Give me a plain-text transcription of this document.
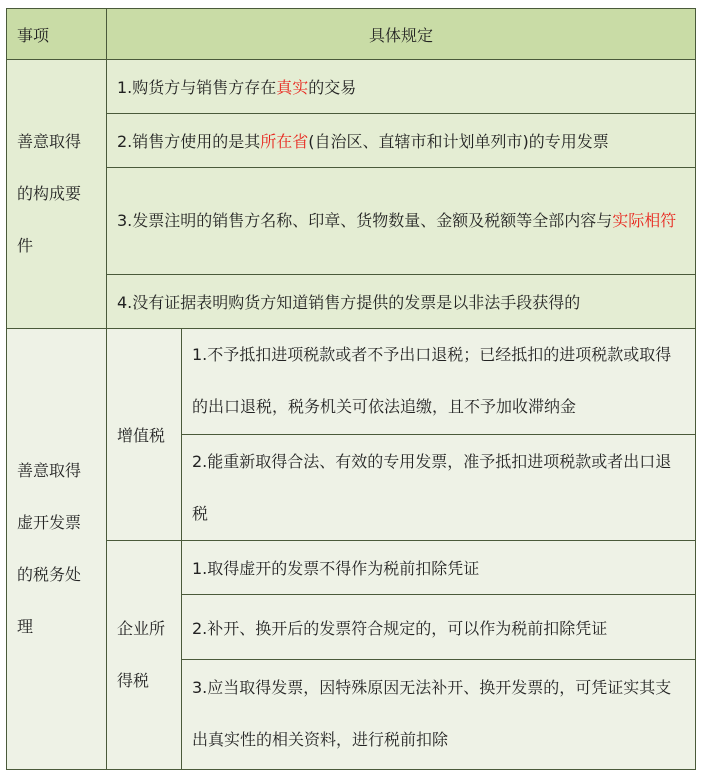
事项	具体规定	
善意取得的构成要件	1.购货方与销售方存在真实的交易	
	2.销售方使用的是其所在省(自治区、直辖市和计划单列市)的专用发票	
	3.发票注明的销售方名称、印章、货物数量、金额及税额等全部内容与实际相符	
	4.没有证据表明购货方知道销售方提供的发票是以非法手段获得的	
善意取得虚开发票的税务处理	增值税	1.不予抵扣进项税款或者不予出口退税；已经抵扣的进项税款或取得的出口退税，税务机关可依法追缴，且不予加收滞纳金
		2.能重新取得合法、有效的专用发票，准予抵扣进项税款或者出口退税
	企业所得税	1.取得虚开的发票不得作为税前扣除凭证
		2.补开、换开后的发票符合规定的，可以作为税前扣除凭证
		3.应当取得发票，因特殊原因无法补开、换开发票的，可凭证实其支出真实性的相关资料，进行税前扣除
